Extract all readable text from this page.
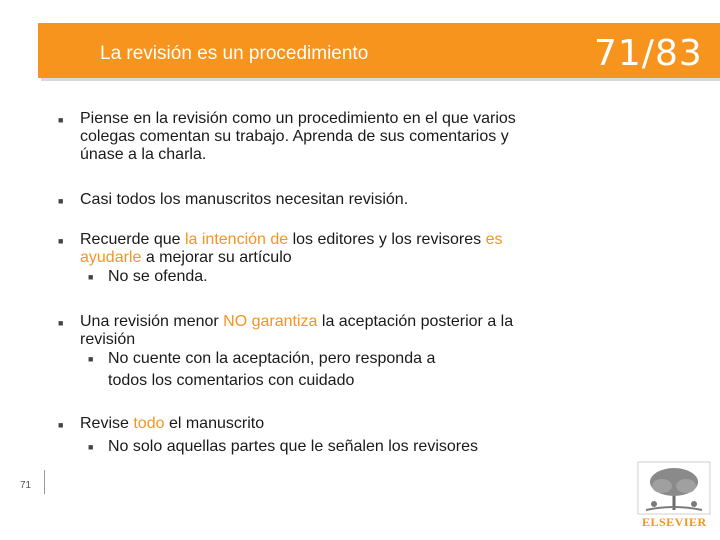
La revisión es un procedimiento	71/83
■ Piense en la revisión como un procedimiento en el que varios
colegas comentan su trabajo. Aprenda de sus comentarios y
únase a la charla.
■ Casi todos los manuscritos necesitan revisión.
■ Recuerde que la intención de los editores y los revisores es
ayudarle a mejorar su artículo
■ No se ofenda.
■ Una revisión menor NO garantiza la aceptación posterior a la
revisión
■ No cuente con la aceptación, pero responda a
todos los comentarios con cuidado
■ Revise todo el manuscrito
■ No solo aquellas partes que le señalen los revisores
71
ELSEVIER
